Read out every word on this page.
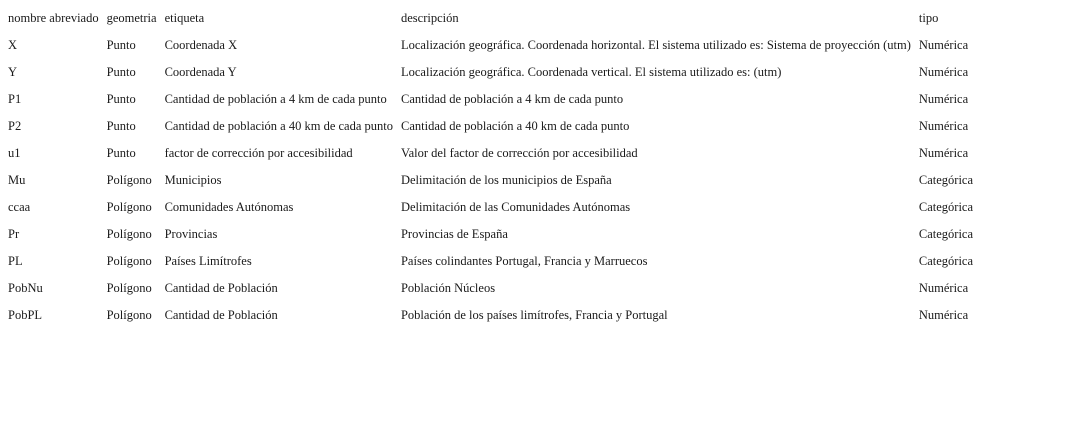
nombre abreviado	geometria	etiqueta	descripción	tipo
X	Punto	Coordenada X	Localización geográfica. Coordenada horizontal. El sistema utilizado es: Sistema de proyección (utm)	Numérica
Y	Punto	Coordenada Y	Localización geográfica. Coordenada vertical. El sistema utilizado es: (utm)	Numérica
P1	Punto	Cantidad de población a 4 km de cada punto	Cantidad de población a 4 km de cada punto	Numérica
P2	Punto	Cantidad de población a 40 km de cada punto	Cantidad de población a 40 km de cada punto	Numérica
u1	Punto	factor de corrección por accesibilidad	Valor del factor de corrección por accesibilidad	Numérica
Mu	Polígono	Municipios	Delimitación de los municipios de España	Categórica
ccaa	Polígono	Comunidades Autónomas	Delimitación de las Comunidades Autónomas	Categórica
Pr	Polígono	Provincias	Provincias de España	Categórica
PL	Polígono	Países Limítrofes	Países colindantes Portugal, Francia y Marruecos	Categórica
PobNu	Polígono	Cantidad de Población	Población Núcleos	Numérica
PobPL	Polígono	Cantidad de Población	Población de los países limítrofes, Francia y Portugal	Numérica
